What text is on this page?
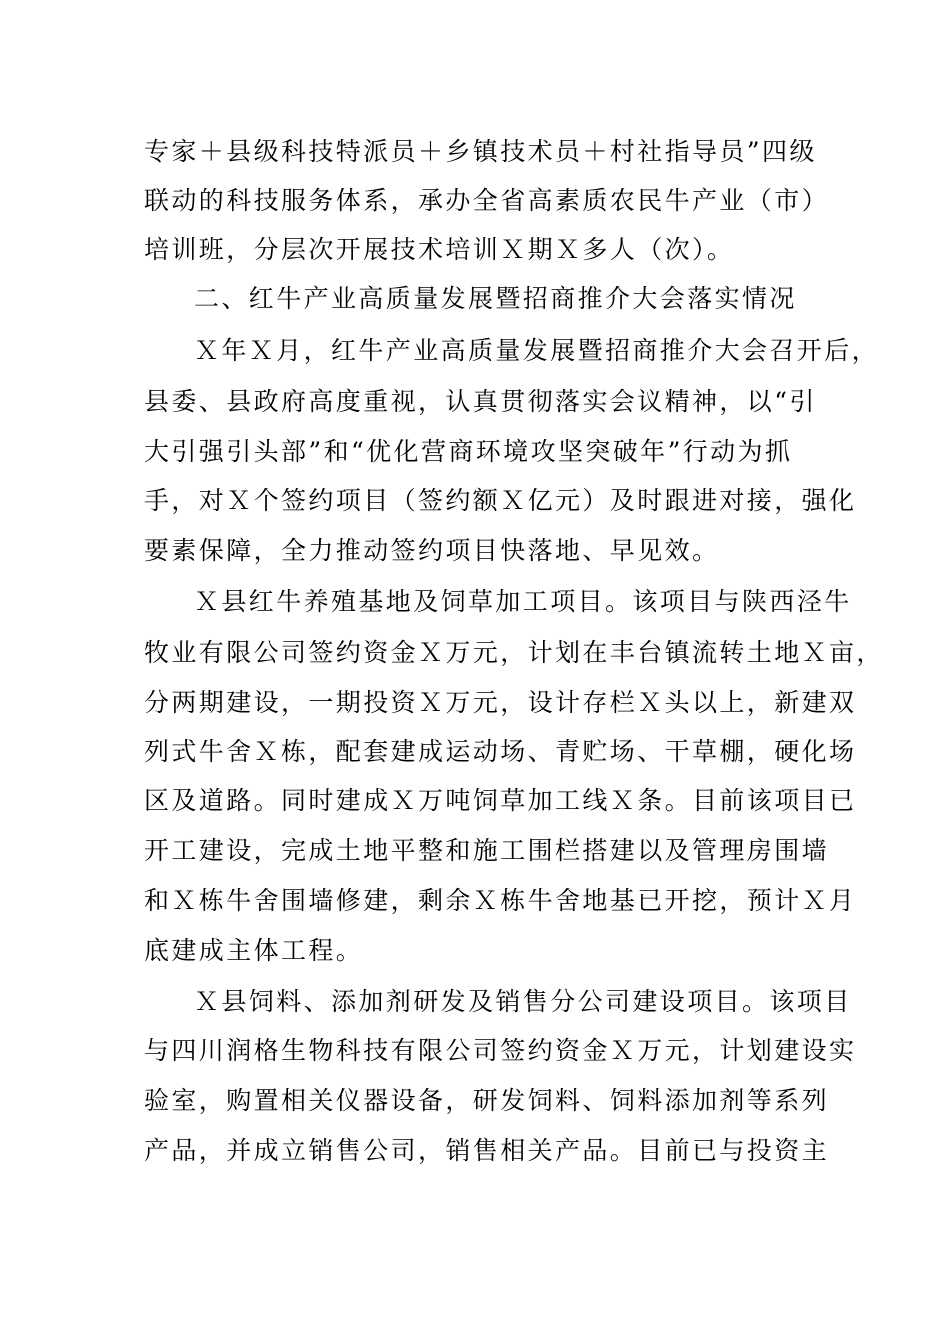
专家＋县级科技特派员＋乡镇技术员＋村社指导员”四级
联动的科技服务体系，承办全省高素质农民牛产业（市）
培训班，分层次开展技术培训Ｘ期Ｘ多人（次）。
二、红牛产业高质量发展暨招商推介大会落实情况
Ｘ年Ｘ月，红牛产业高质量发展暨招商推介大会召开后，
县委、县政府高度重视，认真贯彻落实会议精神，以“引
大引强引头部”和“优化营商环境攻坚突破年”行动为抓
手，对Ｘ个签约项目（签约额Ｘ亿元）及时跟进对接，强化
要素保障，全力推动签约项目快落地、早见效。
Ｘ县红牛养殖基地及饲草加工项目。该项目与陕西泾牛
牧业有限公司签约资金Ｘ万元，计划在丰台镇流转土地Ｘ亩，
分两期建设，一期投资Ｘ万元，设计存栏Ｘ头以上，新建双
列式牛舍Ｘ栋，配套建成运动场、青贮场、干草棚，硬化场
区及道路。同时建成Ｘ万吨饲草加工线Ｘ条。目前该项目已
开工建设，完成土地平整和施工围栏搭建以及管理房围墙
和Ｘ栋牛舍围墙修建，剩余Ｘ栋牛舍地基已开挖，预计Ｘ月
底建成主体工程。
Ｘ县饲料、添加剂研发及销售分公司建设项目。该项目
与四川润格生物科技有限公司签约资金Ｘ万元，计划建设实
验室，购置相关仪器设备，研发饲料、饲料添加剂等系列
产品，并成立销售公司，销售相关产品。目前已与投资主
